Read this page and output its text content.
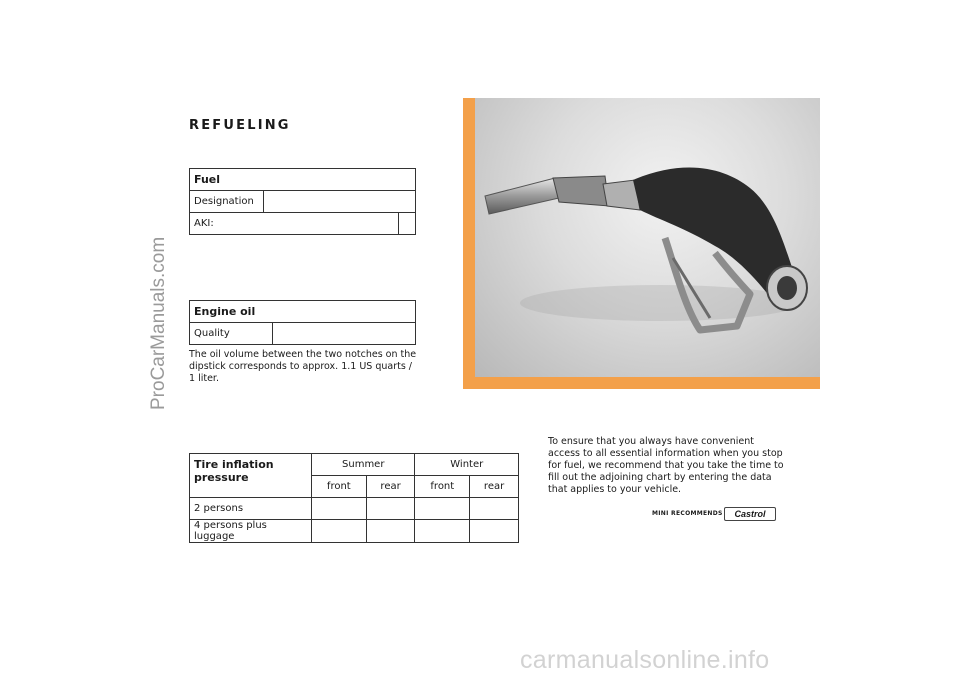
ProCarManuals.com
REFUELING
Fuel		
Designation		
AKI:		
Engine oil
Quality	
The oil volume between the two notches on the dipstick corresponds to approx. 1.1 US quarts / 1 liter.
Tire inflation pressure	Summer		Winter	
	front	rear	front	rear
2 persons				
4 persons plus luggage				
To ensure that you always have convenient access to all essential information when you stop for fuel, we recommend that you take the time to fill out the adjoining chart by entering the data that applies to your vehicle.
MINI RECOMMENDS	Castrol
carmanualsonline.info
